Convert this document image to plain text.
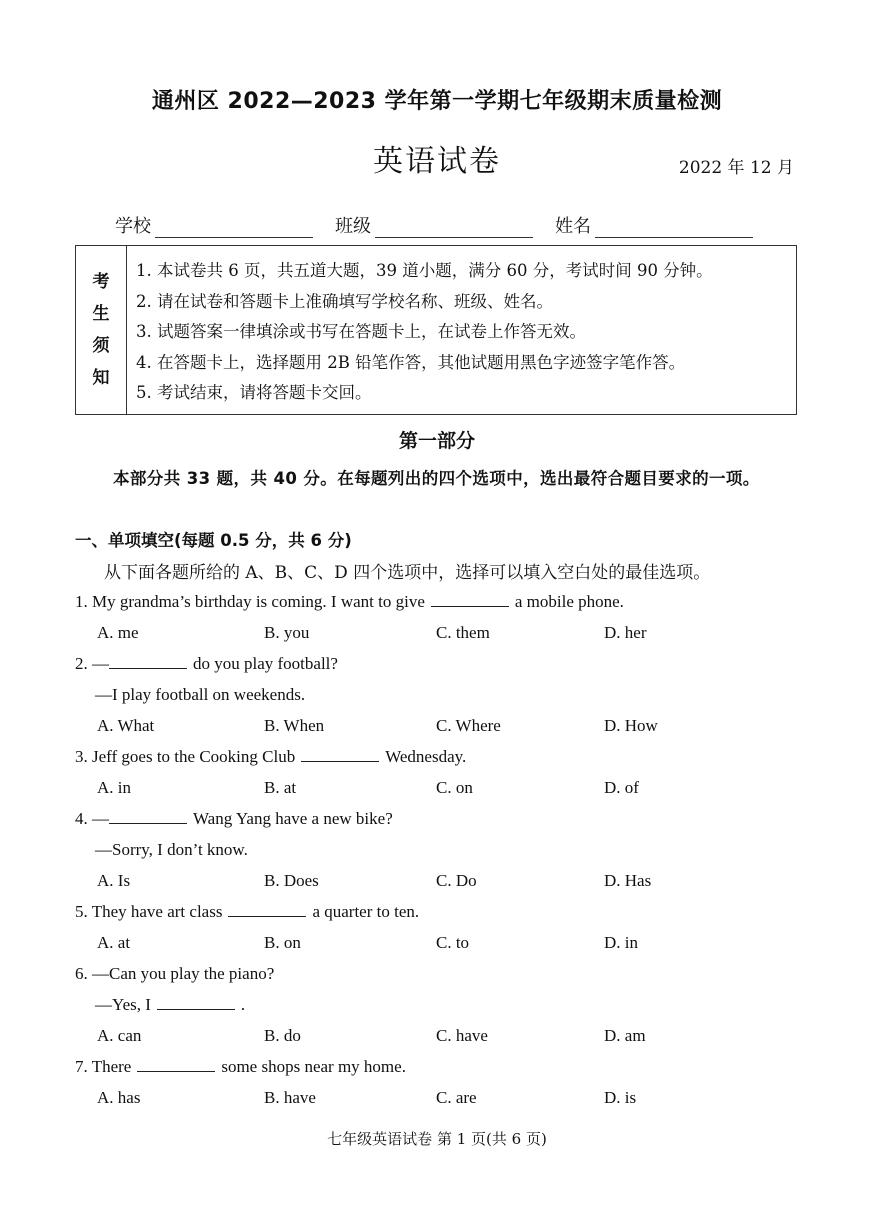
通州区 2022—2023 学年第一学期七年级期末质量检测
英语试卷	2022 年 12 月
学校	班级	姓名
考
生
须
知
1. 本试卷共 6 页，共五道大题，39 道小题，满分 60 分，考试时间 90 分钟。
2. 请在试卷和答题卡上准确填写学校名称、班级、姓名。
3. 试题答案一律填涂或书写在答题卡上，在试卷上作答无效。
4. 在答题卡上，选择题用 2B 铅笔作答，其他试题用黑色字迹签字笔作答。
5. 考试结束，请将答题卡交回。
第一部分
本部分共 33 题，共 40 分。在每题列出的四个选项中，选出最符合题目要求的一项。
一、单项填空(每题 0.5 分，共 6 分)
从下面各题所给的 A、B、C、D 四个选项中，选择可以填入空白处的最佳选项。
1. My grandma’s birthday is coming. I want to give	a mobile phone.
A. me	B. you	C. them	D. her
2. —	do you play football?
—I play football on weekends.
A. What	B. When	C. Where	D. How
3. Jeff goes to the Cooking Club	Wednesday.
A. in	B. at	C. on	D. of
4. —	Wang Yang have a new bike?
—Sorry, I don’t know.
A. Is	B. Does	C. Do	D. Has
5. They have art class	a quarter to ten.
A. at	B. on	C. to	D. in
6. —Can you play the piano?
—Yes, I	.
A. can	B. do	C. have	D. am
7. There	some shops near my home.
A. has	B. have	C. are	D. is
七年级英语试卷 第 1 页(共 6 页)
